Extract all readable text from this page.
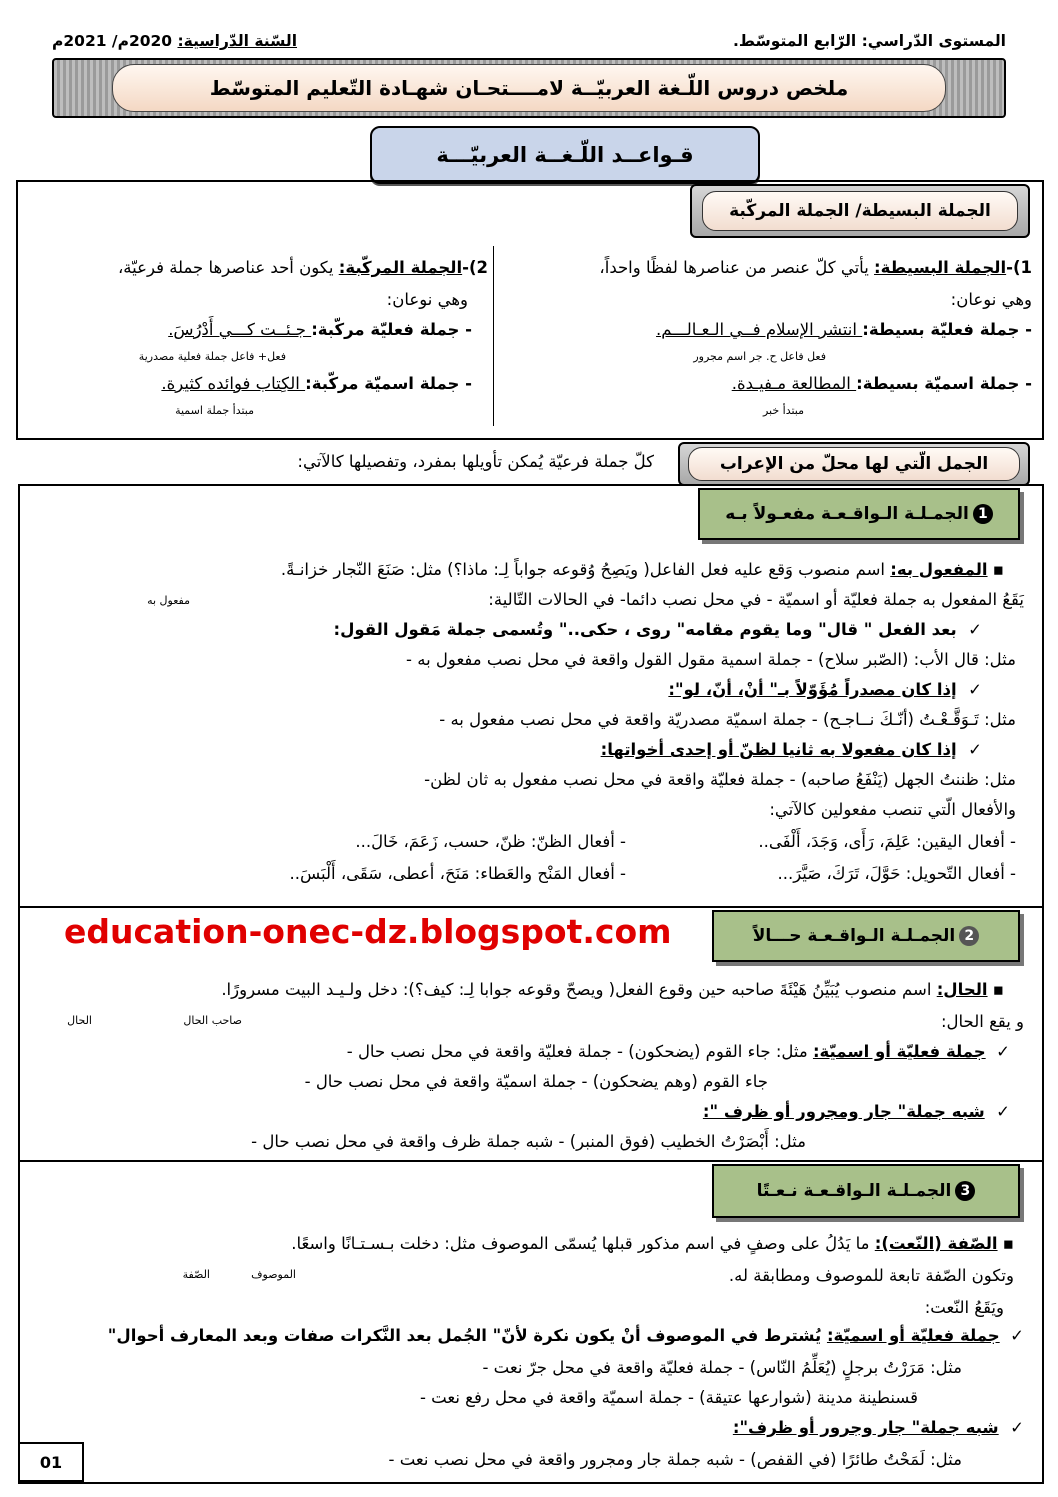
المستوى الدّراسي: الرّابع المتوسّط.
السّنة الدّراسية: 2020م/ 2021م
ملخص دروس اللّـغة العربيّــة لامــــتحـان شهـادة التّعليم المتوسّط
قـواعــد اللّـغــة العربيّـــة
الجملة البسيطة/ الجملة المركّبة
1)-الجملة البسيطة: يأتي كلّ عنصر من عناصرها لفظًا واحداً،
وهي نوعان:
- جملة فعليّة بسيطة: انتشر الإسلام فــي الـعـالـــم.
فعل فاعل ح. جر اسم مجرور
- جملة اسميّة بسيطة: المطالعة مـفيـدة.
مبتدأ خبر
2)-الجملة المركّبة: يكون أحد عناصرها جملة فرعيّة،
وهي نوعان:
- جملة فعليّة مركّبة: جـئــت كـــي أَدْرُسَ.
فعل+ فاعل جملة فعلية مصدرية
- جملة اسميّة مركّبة: الكِتاب فوائده كثيرة.
مبتدأ جملة اسمية
الجمل الّتي لها محلّ من الإعراب
كلّ جملة فرعيّة يُمكن تأويلها بمفرد، وتفصيلها كالآتي:
1
الجمـلـة الـواقـعـة مفعـولاً بـه
▪ المفعول به: اسم منصوب وَقع عليه فعل الفاعل( ويَصِحُ وُقوعه جواباً لِـ: ماذا؟) مثل: صَنَعَ النّجار خزانـةً.
مفعول به	يَقَعُ المفعول به جملة فعليّة أو اسميّة - في محل نصب دائما- في الحالات التّالية:
✓  بعد الفعل " قال" وما يقوم مقامه" روى ، حكى.." وتُسمى جملة مَقول القول:
مثل: قال الأب: (الصّبر سلاح) - جملة اسمية مقول القول واقعة في محل نصب مفعول به -
✓  إذا كان مصدراً مُؤَوّلاً بـ" أنْ، أنّ، لو":
مثل: تَـوَقَّـعْـتُ (أنّـكَ نــاجـح) - جملة اسميّة مصدريّة واقعة في محل نصب مفعول به -
✓  إذا كان مفعولا به ثانيا لظنّ أو إحدى أخواتها:
مثل: ظننتُ الجهل (يَنْفَعُ صاحبه) - جملة فعليّة واقعة في محل نصب مفعول به ثان لظن-
والأفعال الّتي تنصب مفعولين كالآتي:
- أفعال اليقين: عَلِمَ، رَأَى، وَجَدَ، أَلْفَى..
- أفعال الظنّ: ظنّ، حسب، زَعَمَ، خَالَ...
- أفعال التّحويل: حَوَّلَ، تَرَكَ، صَيَّرَ...
- أفعال المَنْح والعَطاء: مَنَحَ، أعطى، سَقَى، أَلْبَسَ..
education-onec-dz.blogspot.com	2
الجمـلـة الـواقـعـة حـــالاً
▪ الحال: اسم منصوب يُبَيِّنُ هَيْئَةَ صاحبه حين وقوع الفعل( ويصحّ وقوعه جوابا لِـ: كيف؟): دخل ولـيـد البيت مسرورًا.
صاحب الحال
الحال	و يقع الحال:
✓  جملة فعليّة أو اسميّة: مثل: جاء القوم (يضحكون) - جملة فعليّة واقعة في محل نصب حال -
جاء القوم (وهم يضحكون) - جملة اسميّة واقعة في محل نصب حال -
✓  شبه جملة" جار ومجرور أو ظرف ":
مثل: أَبْصَرْتُ الخطيب (فوق المنبر) - شبه جملة ظرف واقعة في محل نصب حال -
3
الجمـلـة الـواقـعـة نـعـتًا
▪ الصّفة (النّعت): ما يَدُلُ على وصفٍ في اسم مذكور قبلها يُسمّى الموصوف مثل: دخلت بـسـتـانًا واسعًا.
الموصوف
الصّفة	وتكون الصّفة تابعة للموصوف ومطابقة له.
ويَقَعُ النّعت:
✓  جملة فعليّة أو اسميّة: يُشترط في الموصوف أنْ يكون نكرة لأنّ" الجُمل بعد النَّكرات صفات وبعد المعارف أحوال"
مثل: مَرَرْتُ برجلٍ (يُعَلِّمُ النّاس) - جملة فعليّة واقعة في محل جرّ نعت -
قسنطينة مدينة (شوارعها عتيقة) - جملة اسميّة واقعة في محل رفع نعت -
✓  شبه جملة" جار وجرور أو ظرف":
مثل: لَمَحْتُ طائرًا (في القفص) - شبه جملة جار ومجرور واقعة في محل نصب نعت -
01
